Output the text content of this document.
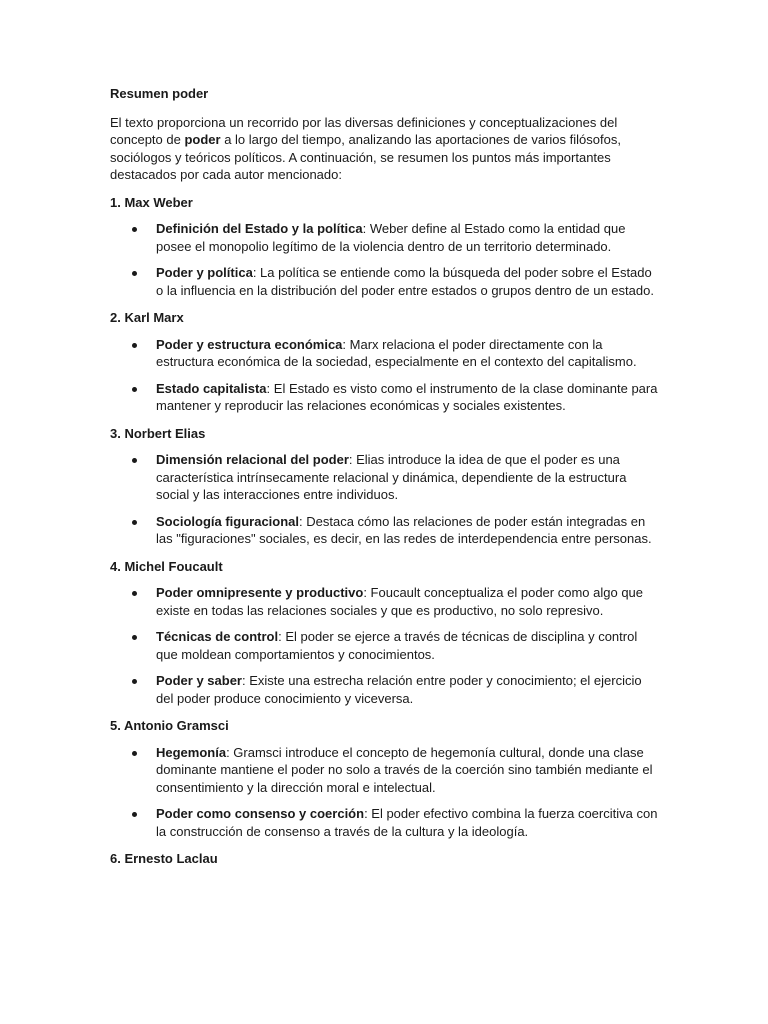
Resumen poder

El texto proporciona un recorrido por las diversas definiciones y conceptualizaciones del concepto de poder a lo largo del tiempo, analizando las aportaciones de varios filósofos, sociólogos y teóricos políticos. A continuación, se resumen los puntos más importantes destacados por cada autor mencionado:

1. Max Weber
Definición del Estado y la política: Weber define al Estado como la entidad que posee el monopolio legítimo de la violencia dentro de un territorio determinado.
Poder y política: La política se entiende como la búsqueda del poder sobre el Estado o la influencia en la distribución del poder entre estados o grupos dentro de un estado.
2. Karl Marx
Poder y estructura económica: Marx relaciona el poder directamente con la estructura económica de la sociedad, especialmente en el contexto del capitalismo.
Estado capitalista: El Estado es visto como el instrumento de la clase dominante para mantener y reproducir las relaciones económicas y sociales existentes.
3. Norbert Elias
Dimensión relacional del poder: Elias introduce la idea de que el poder es una característica intrínsecamente relacional y dinámica, dependiente de la estructura social y las interacciones entre individuos.
Sociología figuracional: Destaca cómo las relaciones de poder están integradas en las "figuraciones" sociales, es decir, en las redes de interdependencia entre personas.
4. Michel Foucault
Poder omnipresente y productivo: Foucault conceptualiza el poder como algo que existe en todas las relaciones sociales y que es productivo, no solo represivo.
Técnicas de control: El poder se ejerce a través de técnicas de disciplina y control que moldean comportamientos y conocimientos.
Poder y saber: Existe una estrecha relación entre poder y conocimiento; el ejercicio del poder produce conocimiento y viceversa.
5. Antonio Gramsci
Hegemonía: Gramsci introduce el concepto de hegemonía cultural, donde una clase dominante mantiene el poder no solo a través de la coerción sino también mediante el consentimiento y la dirección moral e intelectual.
Poder como consenso y coerción: El poder efectivo combina la fuerza coercitiva con la construcción de consenso a través de la cultura y la ideología.
6. Ernesto Laclau
